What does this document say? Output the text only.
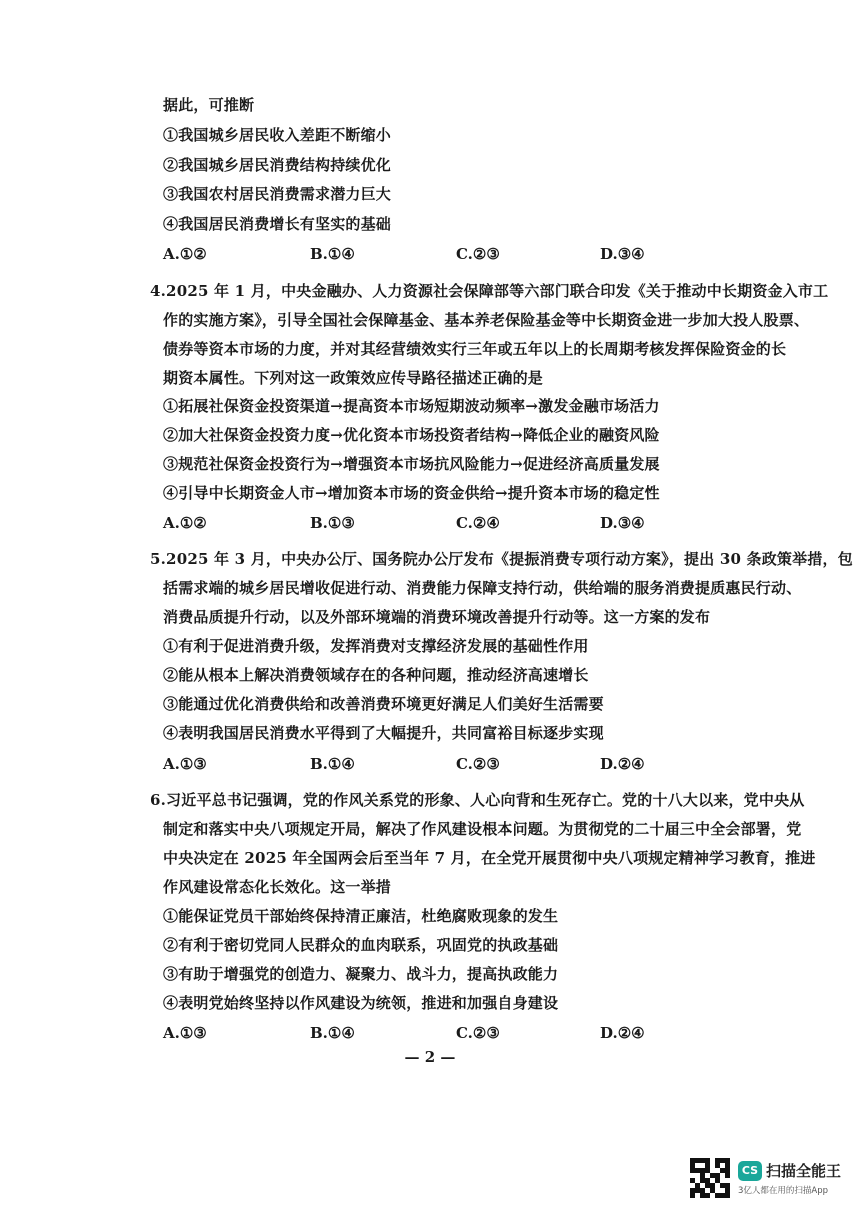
据此，可推断
①我国城乡居民收入差距不断缩小
②我国城乡居民消费结构持续优化
③我国农村居民消费需求潜力巨大
④我国居民消费增长有坚实的基础
A.①②	B.①④	C.②③	D.③④
4.2025 年 1 月，中央金融办、人力资源社会保障部等六部门联合印发《关于推动中长期资金入市工
作的实施方案》，引导全国社会保障基金、基本养老保险基金等中长期资金进一步加大投人股票、
债券等资本市场的力度，并对其经营绩效实行三年或五年以上的长周期考核发挥保险资金的长
期资本属性。下列对这一政策效应传导路径描述正确的是
①拓展社保资金投资渠道→提高资本市场短期波动频率→激发金融市场活力
②加大社保资金投资力度→优化资本市场投资者结构→降低企业的融资风险
③规范社保资金投资行为→增强资本市场抗风险能力→促进经济高质量发展
④引导中长期资金人市→增加资本市场的资金供给→提升资本市场的稳定性
A.①②	B.①③	C.②④	D.③④
5.2025 年 3 月，中央办公厅、国务院办公厅发布《提振消费专项行动方案》，提出 30 条政策举措，包
括需求端的城乡居民增收促进行动、消费能力保障支持行动，供给端的服务消费提质惠民行动、
消费品质提升行动，以及外部环境端的消费环境改善提升行动等。这一方案的发布
①有利于促进消费升级，发挥消费对支撑经济发展的基础性作用
②能从根本上解决消费领域存在的各种问题，推动经济高速增长
③能通过优化消费供给和改善消费环境更好满足人们美好生活需要
④表明我国居民消费水平得到了大幅提升，共同富裕目标逐步实现
A.①③	B.①④	C.②③	D.②④
6.习近平总书记强调，党的作风关系党的形象、人心向背和生死存亡。党的十八大以来，党中央从
制定和落实中央八项规定开局，解决了作风建设根本问题。为贯彻党的二十届三中全会部署，党
中央决定在 2025 年全国两会后至当年 7 月，在全党开展贯彻中央八项规定精神学习教育，推进
作风建设常态化长效化。这一举措
①能保证党员干部始终保持清正廉洁，杜绝腐败现象的发生
②有利于密切党同人民群众的血肉联系，巩固党的执政基础
③有助于增强党的创造力、凝聚力、战斗力，提高执政能力
④表明党始终坚持以作风建设为统领，推进和加强自身建设
A.①③	B.①④	C.②③	D.②④
— 2 —
CS 扫描全能王
3亿人都在用的扫描App
